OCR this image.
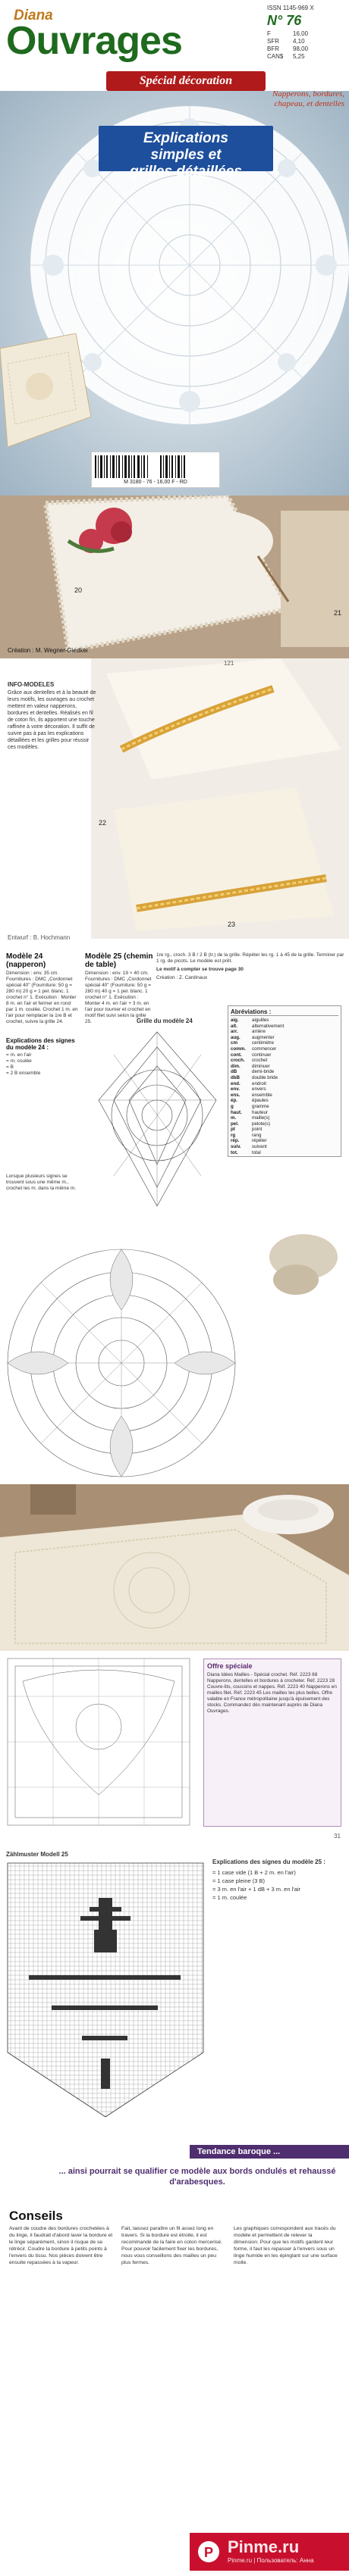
Diana
Ouvrages
ISSN 1145-969 X
N° 76
F	16,00
SFR	4,10
BFR	98,00
CAN$	5,25
Spécial décoration
Napperons, bordures, chapeau, et dentelles
Explications
simples et
grilles détaillées
M 3180 - 76 - 16,00 F - RD
20
21
Création : M. Wegner-Giedkel
121
INFO-MODELES

Grâce aux dentelles et à la beauté de leurs motifs, les ouvrages au crochet mettent en valeur napperons, bordures et dentelles. Réalisés en fil de coton fin, ils apportent une touche raffinée à votre décoration. Il suffit de suivre pas à pas les explications détaillées et les grilles pour réussir ces modèles.

22
23
Entwurf : B. Hochmann
Modèle 24 (napperon)

Dimension : env. 35 cm. Fournitures : DMC „Cordonnet spécial 40" (Fourniture: 50 g = 280 m) 20 g = 1 pel. blanc. 1 crochet n° 1. Exécution : Monter 8 m. en l'air et fermer en rond par 1 m. coulée. Crochet 1 m. en l'air pour remplacer la 1re B et crochet, suivre la grille 24.

Modèle 25 (chemin de table)

Dimension : env. 19 × 40 cm. Fournitures : DMC „Cordonnet spécial 40" (Fourniture: 50 g = 280 m) 40 g = 1 pel. blanc. 1 crochet n° 1. Exécution : Monter 4 m. en l'air + 3 m. en l'air pour tourner et crochet en motif filet suivi selon la grille 25.

1re rg., croch. 3 B / 2 B (tr.) de la grille. Répéter les rg. 1 à 45 de la grille. Terminer par 1 rg. de picots. Le modèle est prêt.

Le motif à compter se trouve page 30

Création : Z. Cardinaux

Explications des signes du modèle 24 :

= m. en l'air

= m. coulée

= B

= 2 B ensemble

Grille du modèle 24
Abréviations :
aig.	aiguilles
alt.	alternativement
arr.	arrière
aug.	augmenter
cm	centimètre
comm.	commencer
cont.	continuer
croch.	crochet
dim.	diminuer
dB	demi-bride
dbB	double bride
end.	endroit
env.	envers
ens.	ensemble
ép.	épaules
g	gramme
haut.	hauteur
m.	maille(s)
pel.	pelote(s)
pt	point
rg	rang
rép.	répéter
suiv.	suivant
tot.	total

Lorsque plusieurs signes se trouvent sous une même m., crochet les m. dans la même m.

Offre spéciale

Diana Idées Mailles - Spécial crochet. Réf. 2223 68 Napperons, dentelles et bordures à crocheter. Réf. 2223 28 Couvre-lits, coussins et nappes. Réf. 2223 40 Napperons en mailles filet. Réf. 2223 45 Les mailles les plus belles. Offre valable en France métropolitaine jusqu'à épuisement des stocks. Commandez dès maintenant auprès de Diana Ouvrages.

31
Zählmuster Modell 25
Explications des signes du modèle 25 :

= 1 case vide (1 B + 2 m. en l'air)

= 1 case pleine (3 B)

= 3 m. en l'air + 1 dB + 3 m. en l'air

= 1 m. coulée

Tendance baroque ...
... ainsi pourrait se qualifier ce modèle aux bords ondulés et rehaussé d'arabesques.
Conseils

Avant de coudre des bordures crochetées à du linge, il faudrait d'abord laver la bordure et le linge séparément, sinon il risque de se rétrécir. Coudre la bordure à petits points à l'envers du tissu. Nos pièces doivent être ensuite repassées à la vapeur.

Fait, laissez paraître un fil assez long en travers. Si la bordure est étroite, il est recommandé de la faire en coton mercerisé. Pour pouvoir facilement fixer les bordures, nous vous conseillons des mailles un peu plus fermes.

Les graphiques correspondent aux tracés du modèle et permettent de relever la dimension. Pour que les motifs gardent leur forme, il faut les repasser à l'envers sous un linge humide en les épinglant sur une surface molle.

P Pinme.ru
Pinme.ru | Пользователь: Анна
